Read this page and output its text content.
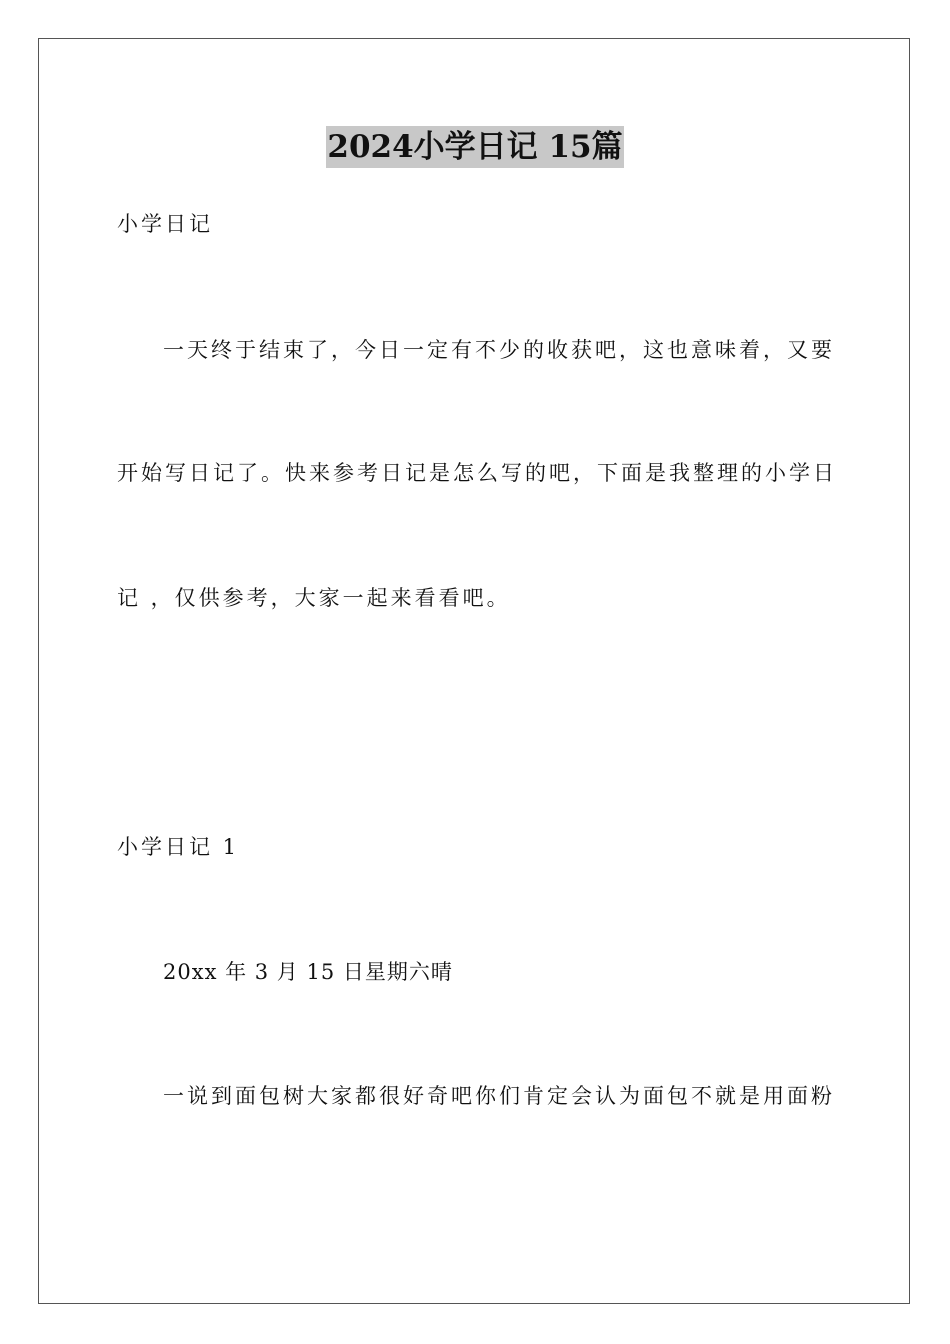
2024小学日记 15篇
小学日记
一天终于结束了，今日一定有不少的收获吧，这也意味着，又要
开始写日记了。快来参考日记是怎么写的吧，下面是我整理的小学日
记 ，仅供参考，大家一起来看看吧。
小学日记 1
20xx 年 3 月 15 日星期六晴
一说到面包树大家都很好奇吧你们肯定会认为面包不就是用面粉
